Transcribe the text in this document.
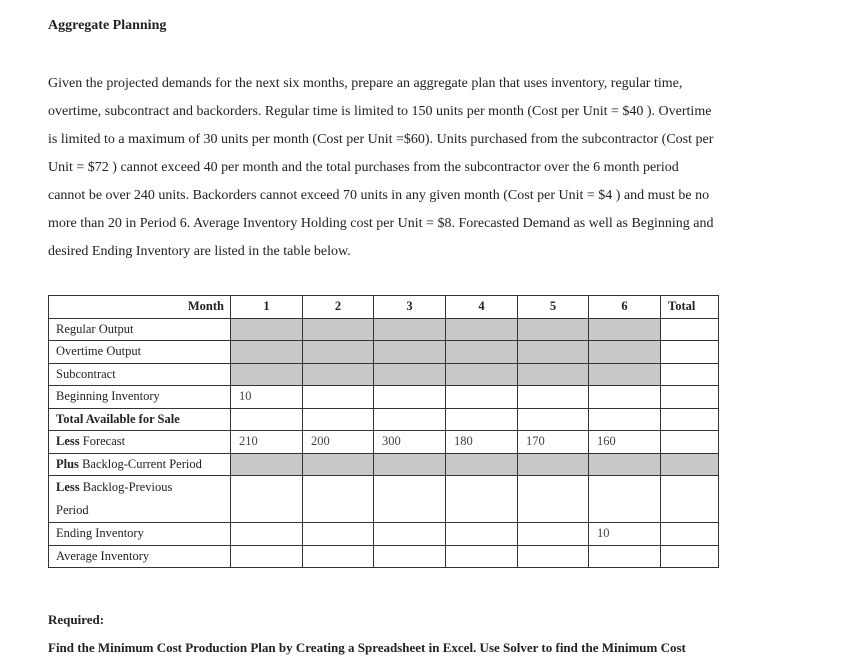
Aggregate Planning

Given the projected demands for the next six months, prepare an aggregate plan that uses inventory, regular time,

overtime, subcontract and backorders. Regular time is limited to 150 units per month (Cost per Unit = $40 ). Overtime

is limited to a maximum of 30 units per month (Cost per Unit =$60). Units purchased from the subcontractor (Cost per

Unit = $72 ) cannot exceed 40 per month and the total purchases from the subcontractor over the 6 month period

cannot be over 240 units. Backorders cannot exceed 70 units in any given month (Cost per Unit = $4 ) and must be no

more than 20 in Period 6. Average Inventory Holding cost per Unit = $8. Forecasted Demand as well as Beginning and

desired Ending Inventory are listed in the table below.

Month	1	2	3	4	5	6	Total
Regular Output							
Overtime Output							
Subcontract							
Beginning Inventory	10						
Total Available for Sale							
Less Forecast	210	200	300	180	170	160	
Plus Backlog-Current Period							
Less Backlog-Previous
Period							
Ending Inventory						10	
Average Inventory							
Required:
Find the Minimum Cost Production Plan by Creating a Spreadsheet in Excel. Use Solver to find the Minimum Cost
